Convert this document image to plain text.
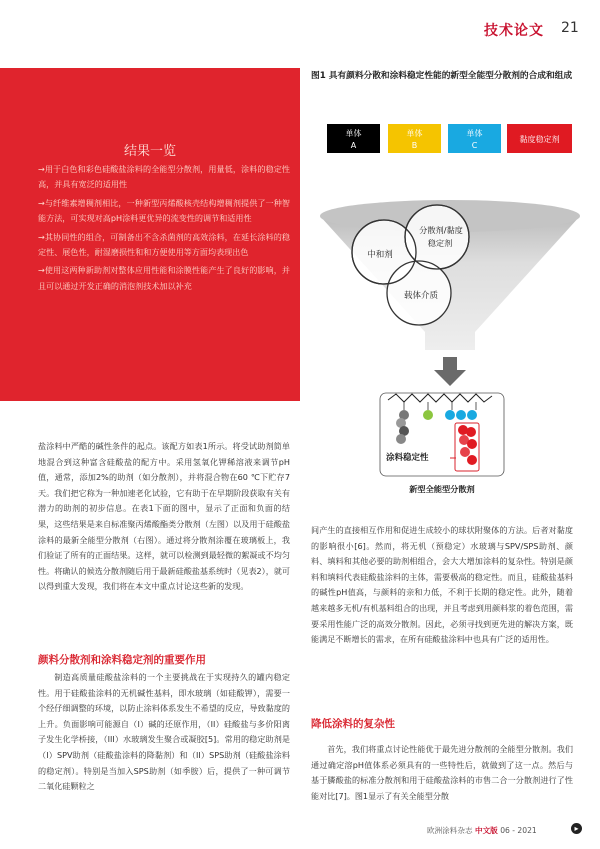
技术论文 21
结果一览

→用于白色和彩色硅酸盐涂料的全能型分散剂，用量低，涂料的稳定性高，并具有宽泛的适用性

→与纤维素增稠剂相比，一种新型丙烯酸核壳结构增稠剂提供了一种智能方法，可实现对高pH涂料更优异的流变性的调节和适用性

→其协同性的组合，可制备出不含杀菌剂的高效涂料，在延长涂料的稳定性、展色性，耐湿磨损性和和方便使用等方面均表现出色

→使用这两种新助剂对整体应用性能和涂膜性能产生了良好的影响，并且可以通过开发正确的消泡剂技术加以补充

图1 具有颜料分散和涂料稳定性能的新型全能型分散剂的合成和组成
单体
A
单体
B
单体
C
黏度稳定剂
中和剂
分散剂/黏度
稳定剂
载体介质
涂料稳定性
新型全能型分散剂

盐涂料中严酷的碱性条件的起点。该配方如表1所示。将受试助剂简单地混合到这种富含硅酸盐的配方中。采用氢氧化钾稀溶液来调节pH值，通常，添加2%的助剂（如分散剂），并将混合物在60 ℃下贮存7天。我们把它称为一种加速老化试验，它有助于在早期阶段获取有关有潜力的助剂的初步信息。在表1下面的图中，显示了正面和负面的结果，这些结果是来自标准聚丙烯酸酯类分散剂（左图）以及用于硅酸盐涂料的最新全能型分散剂（右图）。通过将分散剂涂覆在玻璃板上，我们验证了所有的正面结果。这样，就可以检测到最轻微的絮凝或不均匀性。将确认的候选分散剂随后用于最新硅酸盐基系统时（见表2），就可以得到重大发现，我们将在本文中重点讨论这些新的发现。

颜料分散剂和涂料稳定剂的重要作用

制造高质量硅酸盐涂料的一个主要挑战在于实现持久的罐内稳定性。用于硅酸盐涂料的无机碱性基料，即水玻璃（如硅酸钾），需要一个经仔细调整的环境，以防止涂料体系发生不希望的反应，导致黏度的上升。负面影响可能源自（I）碱的还原作用，（II）硅酸盐与多价阳离子发生化学桥接，（III）水玻璃发生聚合或凝胶[5]。常用的稳定助剂是（I）SPV助剂（硅酸盐涂料的降黏剂）和（II）SPS助剂（硅酸盐涂料的稳定剂）。特别是当加入SPS助剂（如季胺）后，提供了一种可调节二氧化硅颗粒之

间产生的直接相互作用和促进生成较小的球状附聚体的方法。后者对黏度的影响很小[6]。然而，将无机（预稳定）水玻璃与SPV/SPS助剂、颜料、填料和其他必要的助剂相组合，会大大增加涂料的复杂性。特别是颜料和填料代表硅酸盐涂料的主体，需要极高的稳定性。而且，硅酸盐基料的碱性pH值高，与颜料的亲和力低，不利于长期的稳定性。此外，随着越来越多无机/有机基料组合的出现，并且考虑到用颜料浆的着色范围，需要采用性能广泛的高效分散剂。因此，必须寻找到更先进的解决方案，既能满足不断增长的需求，在所有硅酸盐涂料中也具有广泛的适用性。

降低涂料的复杂性

首先，我们将重点讨论性能优于最先进分散剂的全能型分散剂。我们通过确定溶pH值体系必须具有的一些特性后，就做到了这一点。然后与基于膦酸盐的标准分散剂和用于硅酸盐涂料的市售二合一分散剂进行了性能对比[7]。图1显示了有关全能型分散

欧洲涂料杂志 中文版 06 - 2021	▸
